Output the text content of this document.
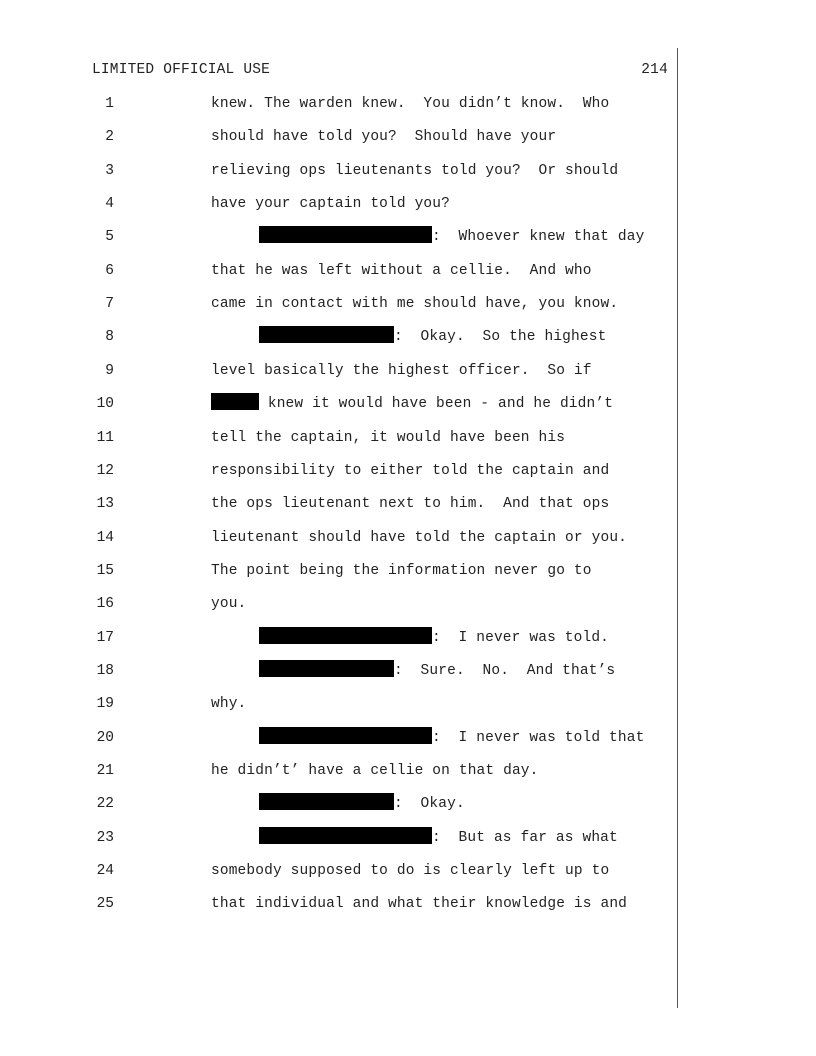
LIMITED OFFICIAL USE	214
1	knew. The warden knew.  You didn’t know.  Who
2	should have told you?  Should have your
3	relieving ops lieutenants told you?  Or should
4	have your captain told you?
5	:  Whoever knew that day
6	that he was left without a cellie.  And who
7	came in contact with me should have, you know.
8	:  Okay.  So the highest
9	level basically the highest officer.  So if
10	knew it would have been - and he didn’t
11	tell the captain, it would have been his
12	responsibility to either told the captain and
13	the ops lieutenant next to him.  And that ops
14	lieutenant should have told the captain or you.
15	The point being the information never go to
16	you.
17	:  I never was told.
18	:  Sure.  No.  And that’s
19	why.
20	:  I never was told that
21	he didn’t’ have a cellie on that day.
22	:  Okay.
23	:  But as far as what
24	somebody supposed to do is clearly left up to
25	that individual and what their knowledge is and
